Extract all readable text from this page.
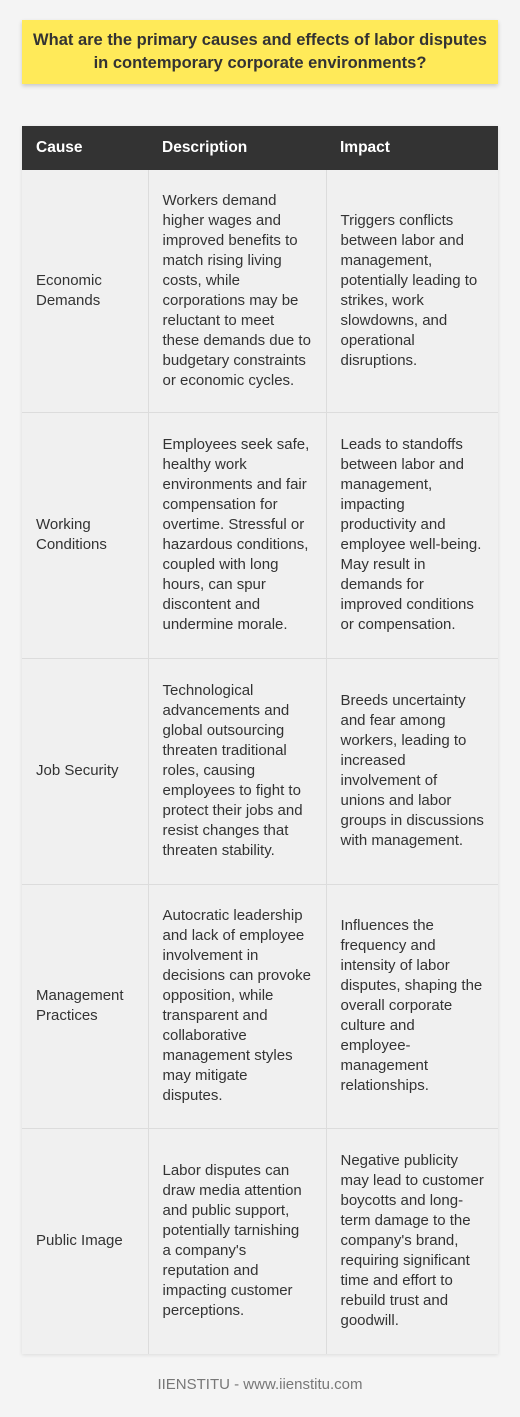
What are the primary causes and effects of labor disputes in contemporary corporate environments?

Cause	Description	Impact
Economic Demands	Workers demand higher wages and improved benefits to match rising living costs, while corporations may be reluctant to meet these demands due to budgetary constraints or economic cycles.	Triggers conflicts between labor and management, potentially leading to strikes, work slowdowns, and operational disruptions.
Working Conditions	Employees seek safe, healthy work environments and fair compensation for overtime. Stressful or hazardous conditions, coupled with long hours, can spur discontent and undermine morale.	Leads to standoffs between labor and management, impacting productivity and employee well-being. May result in demands for improved conditions or compensation.
Job Security	Technological advancements and global outsourcing threaten traditional roles, causing employees to fight to protect their jobs and resist changes that threaten stability.	Breeds uncertainty and fear among workers, leading to increased involvement of unions and labor groups in discussions with management.
Management Practices	Autocratic leadership and lack of employee involvement in decisions can provoke opposition, while transparent and collaborative management styles may mitigate disputes.	Influences the frequency and intensity of labor disputes, shaping the overall corporate culture and employee-management relationships.
Public Image	Labor disputes can draw media attention and public support, potentially tarnishing a company's reputation and impacting customer perceptions.	Negative publicity may lead to customer boycotts and long-term damage to the company's brand, requiring significant time and effort to rebuild trust and goodwill.
IIENSTITU - www.iienstitu.com
